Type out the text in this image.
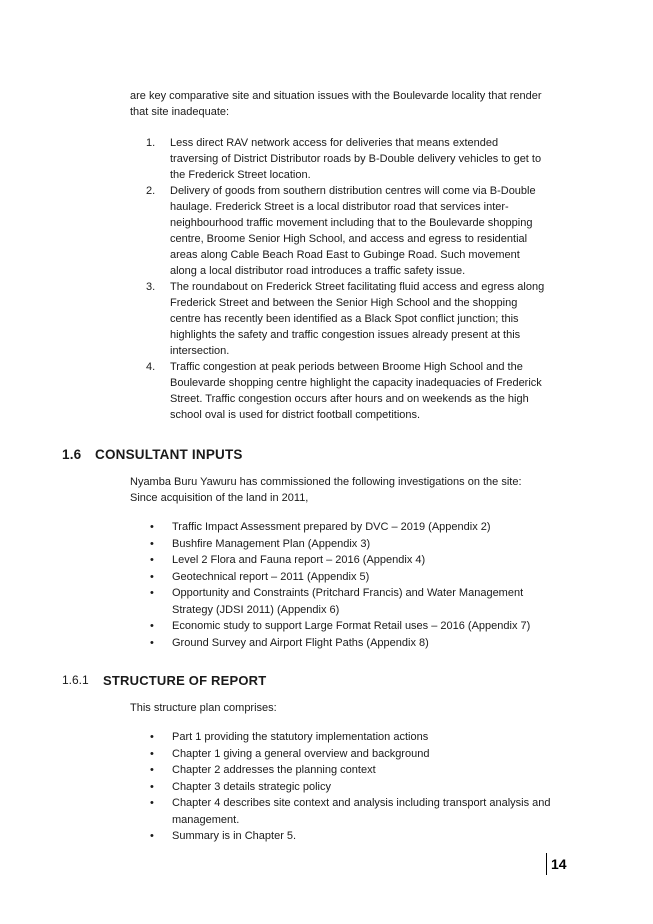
are key comparative site and situation issues with the Boulevarde locality that render that site inadequate:

1.	Less direct RAV network access for deliveries that means extended traversing of District Distributor roads by B-Double delivery vehicles to get to the Frederick Street location.
2.	Delivery of goods from southern distribution centres will come via B-Double haulage. Frederick Street is a local distributor road that services inter-neighbourhood traffic movement including that to the Boulevarde shopping centre, Broome Senior High School, and access and egress to residential areas along Cable Beach Road East to Gubinge Road. Such movement along a local distributor road introduces a traffic safety issue.
3.	The roundabout on Frederick Street facilitating fluid access and egress along Frederick Street and between the Senior High School and the shopping centre has recently been identified as a Black Spot conflict junction; this highlights the safety and traffic congestion issues already present at this intersection.
4.	Traffic congestion at peak periods between Broome High School and the Boulevarde shopping centre highlight the capacity inadequacies of Frederick Street. Traffic congestion occurs after hours and on weekends as the high school oval is used for district football competitions.
1.6	CONSULTANT INPUTS
Nyamba Buru Yawuru has commissioned the following investigations on the site:
Since acquisition of the land in 2011,
•	Traffic Impact Assessment prepared by DVC – 2019 (Appendix 2)
•	Bushfire Management Plan (Appendix 3)
•	Level 2 Flora and Fauna report – 2016 (Appendix 4)
•	Geotechnical report – 2011 (Appendix 5)
•	Opportunity and Constraints (Pritchard Francis) and Water Management Strategy (JDSI 2011) (Appendix 6)
•	Economic study to support Large Format Retail uses – 2016 (Appendix 7)
•	Ground Survey and Airport Flight Paths (Appendix 8)
1.6.1	STRUCTURE OF REPORT
This structure plan comprises:
•	Part 1 providing the statutory implementation actions
•	Chapter 1 giving a general overview and background
•	Chapter 2 addresses the planning context
•	Chapter 3 details strategic policy
•	Chapter 4 describes site context and analysis including transport analysis and management.
•	Summary is in Chapter 5.
14
